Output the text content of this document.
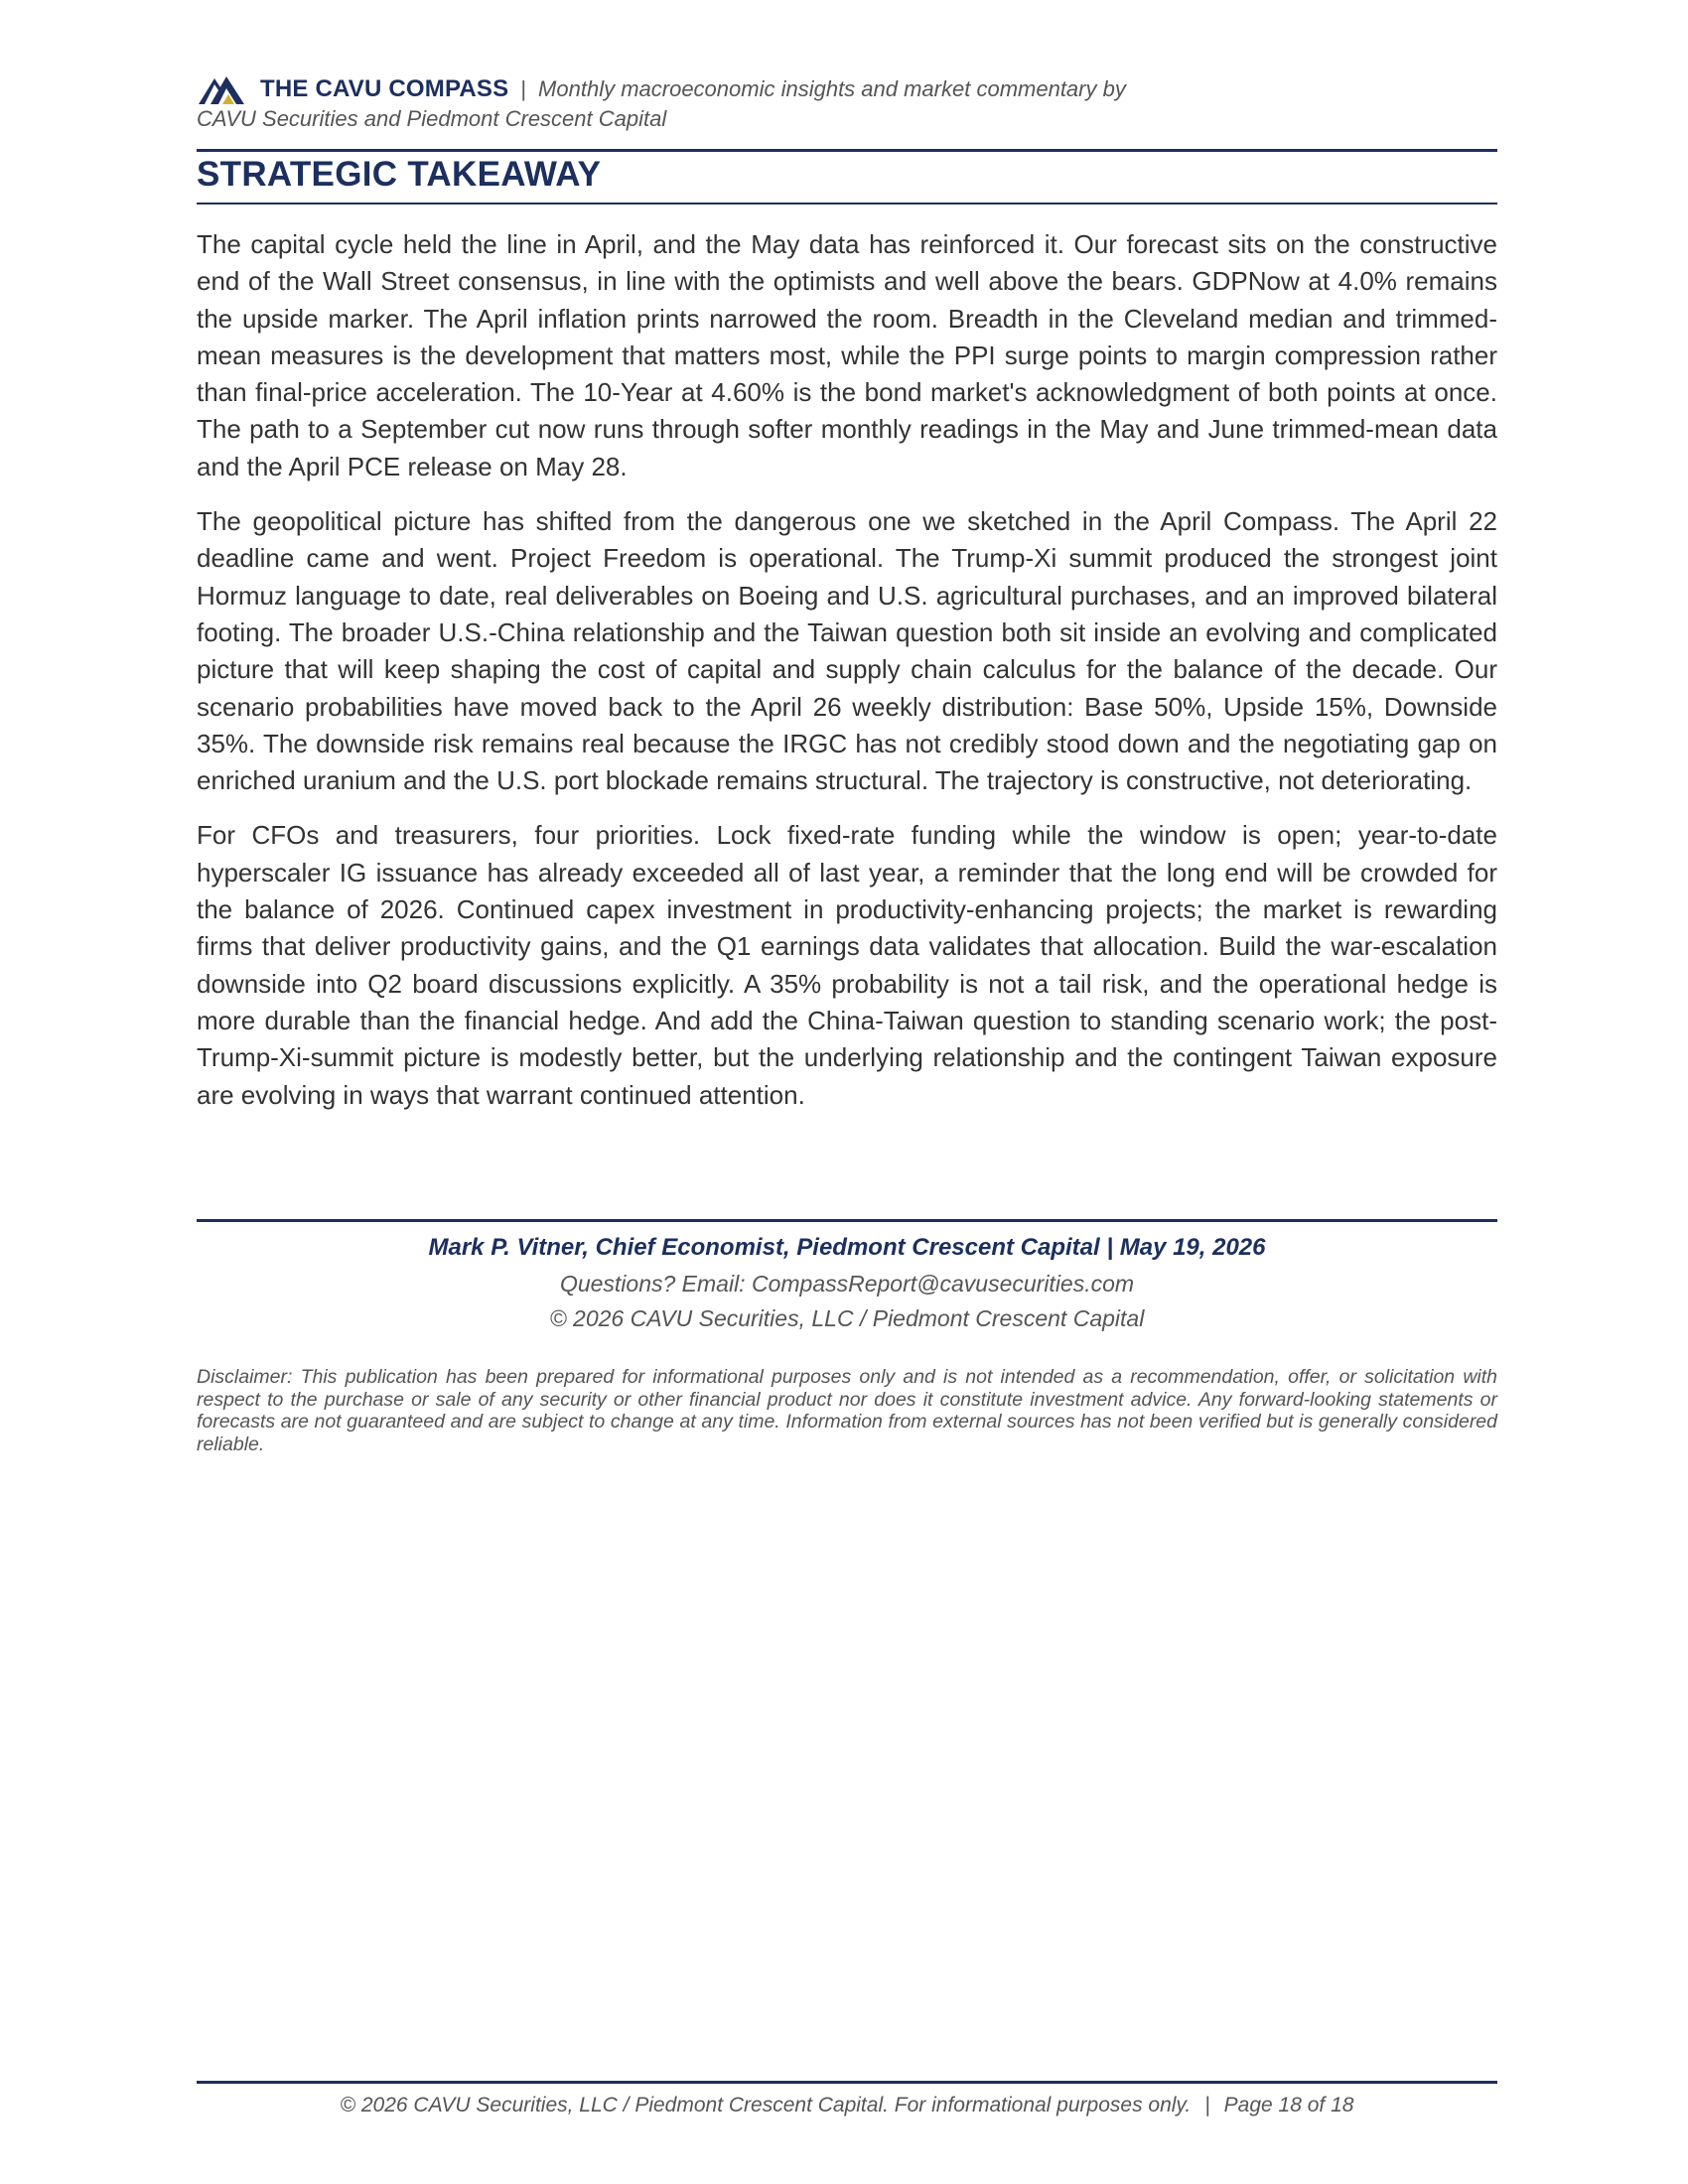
THE CAVU COMPASS | Monthly macroeconomic insights and market commentary by
CAVU Securities and Piedmont Crescent Capital
STRATEGIC TAKEAWAY

The capital cycle held the line in April, and the May data has reinforced it. Our forecast sits on the constructive end of the Wall Street consensus, in line with the optimists and well above the bears. GDPNow at 4.0% remains the upside marker. The April inflation prints narrowed the room. Breadth in the Cleveland median and trimmed-mean measures is the development that matters most, while the PPI surge points to margin compression rather than final-price acceleration. The 10-Year at 4.60% is the bond market's acknowledgment of both points at once. The path to a September cut now runs through softer monthly readings in the May and June trimmed-mean data and the April PCE release on May 28.

The geopolitical picture has shifted from the dangerous one we sketched in the April Compass. The April 22 deadline came and went. Project Freedom is operational. The Trump-Xi summit produced the strongest joint Hormuz language to date, real deliverables on Boeing and U.S. agricultural purchases, and an improved bilateral footing. The broader U.S.-China relationship and the Taiwan question both sit inside an evolving and complicated picture that will keep shaping the cost of capital and supply chain calculus for the balance of the decade. Our scenario probabilities have moved back to the April 26 weekly distribution: Base 50%, Upside 15%, Downside 35%. The downside risk remains real because the IRGC has not credibly stood down and the negotiating gap on enriched uranium and the U.S. port blockade remains structural. The trajectory is constructive, not deteriorating.

For CFOs and treasurers, four priorities. Lock fixed-rate funding while the window is open; year-to-date hyperscaler IG issuance has already exceeded all of last year, a reminder that the long end will be crowded for the balance of 2026. Continued capex investment in productivity-enhancing projects; the market is rewarding firms that deliver productivity gains, and the Q1 earnings data validates that allocation. Build the war-escalation downside into Q2 board discussions explicitly. A 35% probability is not a tail risk, and the operational hedge is more durable than the financial hedge. And add the China-Taiwan question to standing scenario work; the post-Trump-Xi-summit picture is modestly better, but the underlying relationship and the contingent Taiwan exposure are evolving in ways that warrant continued attention.

Mark P. Vitner, Chief Economist, Piedmont Crescent Capital | May 19, 2026
Questions? Email: CompassReport@cavusecurities.com
© 2026 CAVU Securities, LLC / Piedmont Crescent Capital

Disclaimer: This publication has been prepared for informational purposes only and is not intended as a recommendation, offer, or solicitation with respect to the purchase or sale of any security or other financial product nor does it constitute investment advice. Any forward-looking statements or forecasts are not guaranteed and are subject to change at any time. Information from external sources has not been verified but is generally considered reliable.

© 2026 CAVU Securities, LLC / Piedmont Crescent Capital. For informational purposes only. | Page 18 of 18
